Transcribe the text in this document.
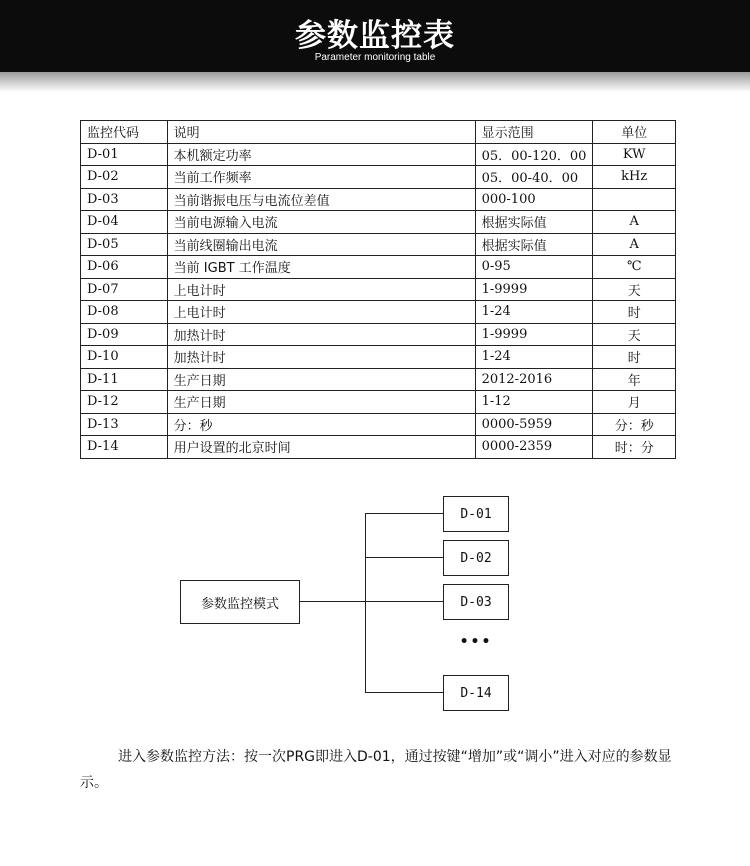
参数监控表
Parameter monitoring table
监控代码	说明	显示范围	单位
D-01	本机额定功率	05．00-120．00	KW
D-02	当前工作频率	05．00-40．00	kHz
D-03	当前谐振电压与电流位差值	000-100	
D-04	当前电源输入电流	根据实际值	A
D-05	当前线圈输出电流	根据实际值	A
D-06	当前 IGBT 工作温度	0-95	℃
D-07	上电计时	1-9999	天
D-08	上电计时	1-24	时
D-09	加热计时	1-9999	天
D-10	加热计时	1-24	时
D-11	生产日期	2012-2016	年
D-12	生产日期	1-12	月
D-13	分：秒	0000-5959	分：秒
D-14	用户设置的北京时间	0000-2359	时：分
参数监控模式
D-01
D-02
D-03
•••
D-14
进入参数监控方法：按一次PRG即进入D-01，通过按键“增加”或“调小”进入对应的参数显示。
